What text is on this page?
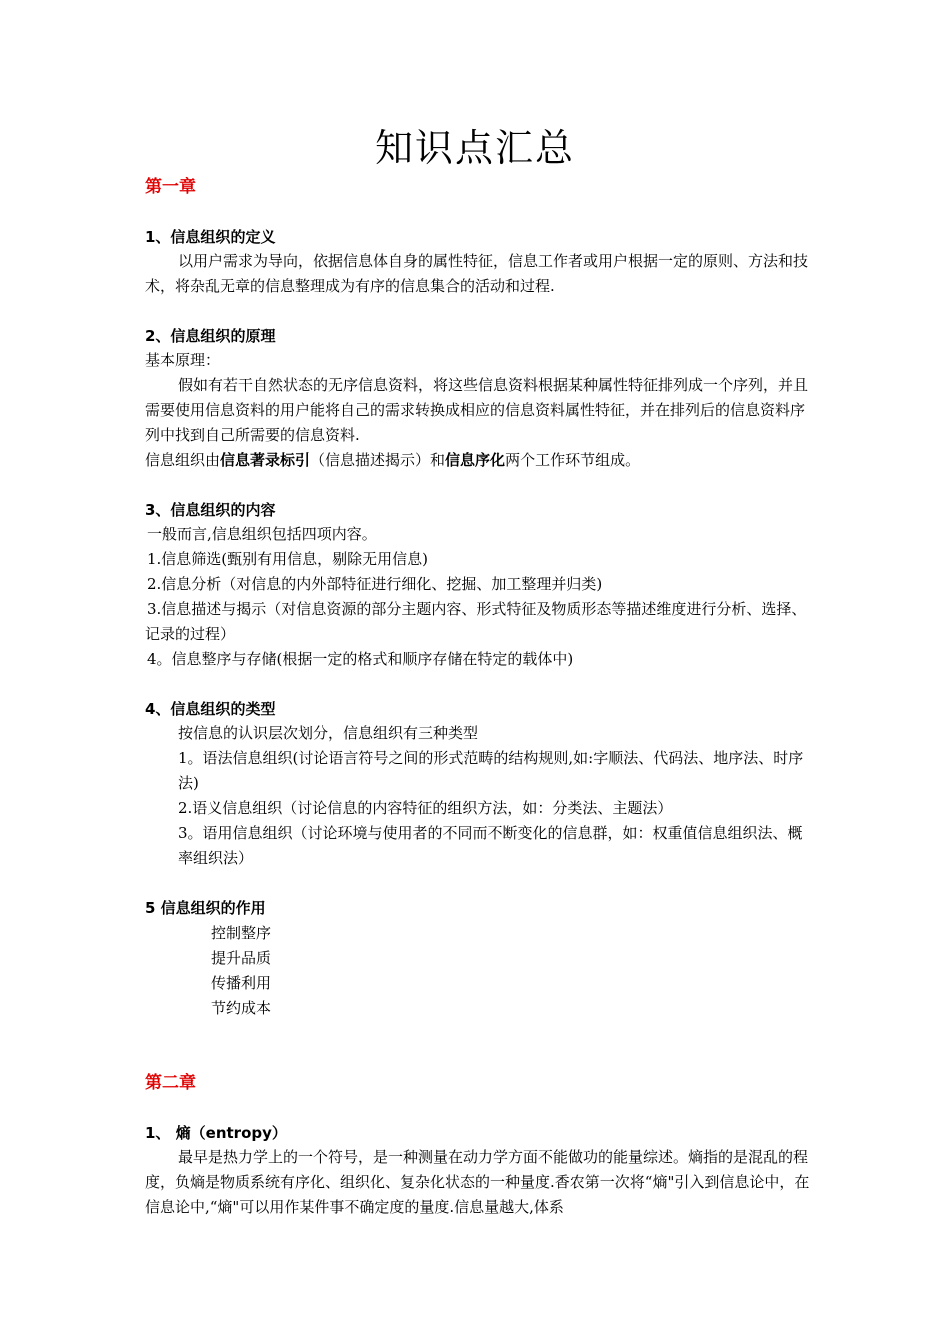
知识点汇总
第一章
1、信息组织的定义
以用户需求为导向，依据信息体自身的属性特征，信息工作者或用户根据一定的原则、方法和技术，将杂乱无章的信息整理成为有序的信息集合的活动和过程.
2、信息组织的原理
基本原理：
假如有若干自然状态的无序信息资料，将这些信息资料根据某种属性特征排列成一个序列，并且需要使用信息资料的用户能将自己的需求转换成相应的信息资料属性特征，并在排列后的信息资料序列中找到自己所需要的信息资料.
信息组织由信息著录标引（信息描述揭示）和信息序化两个工作环节组成。
3、信息组织的内容
一般而言,信息组织包括四项内容。
1.信息筛选(甄别有用信息，剔除无用信息)
2.信息分析（对信息的内外部特征进行细化、挖掘、加工整理并归类)
3.信息描述与揭示（对信息资源的部分主题内容、形式特征及物质形态等描述维度进行分析、选择、记录的过程）
4。信息整序与存储(根据一定的格式和顺序存储在特定的载体中)
4、信息组织的类型
按信息的认识层次划分，信息组织有三种类型
1。语法信息组织(讨论语言符号之间的形式范畴的结构规则,如:字顺法、代码法、地序法、时序法)
2.语义信息组织（讨论信息的内容特征的组织方法，如：分类法、主题法）
3。语用信息组织（讨论环境与使用者的不同而不断变化的信息群，如：权重值信息组织法、概率组织法）
5 信息组织的作用
控制整序
提升品质
传播利用
节约成本
第二章
1、 熵（entropy）
最早是热力学上的一个符号，是一种测量在动力学方面不能做功的能量综述。熵指的是混乱的程度，负熵是物质系统有序化、组织化、复杂化状态的一种量度.香农第一次将“熵"引入到信息论中，在信息论中,“熵"可以用作某件事不确定度的量度.信息量越大,体系
